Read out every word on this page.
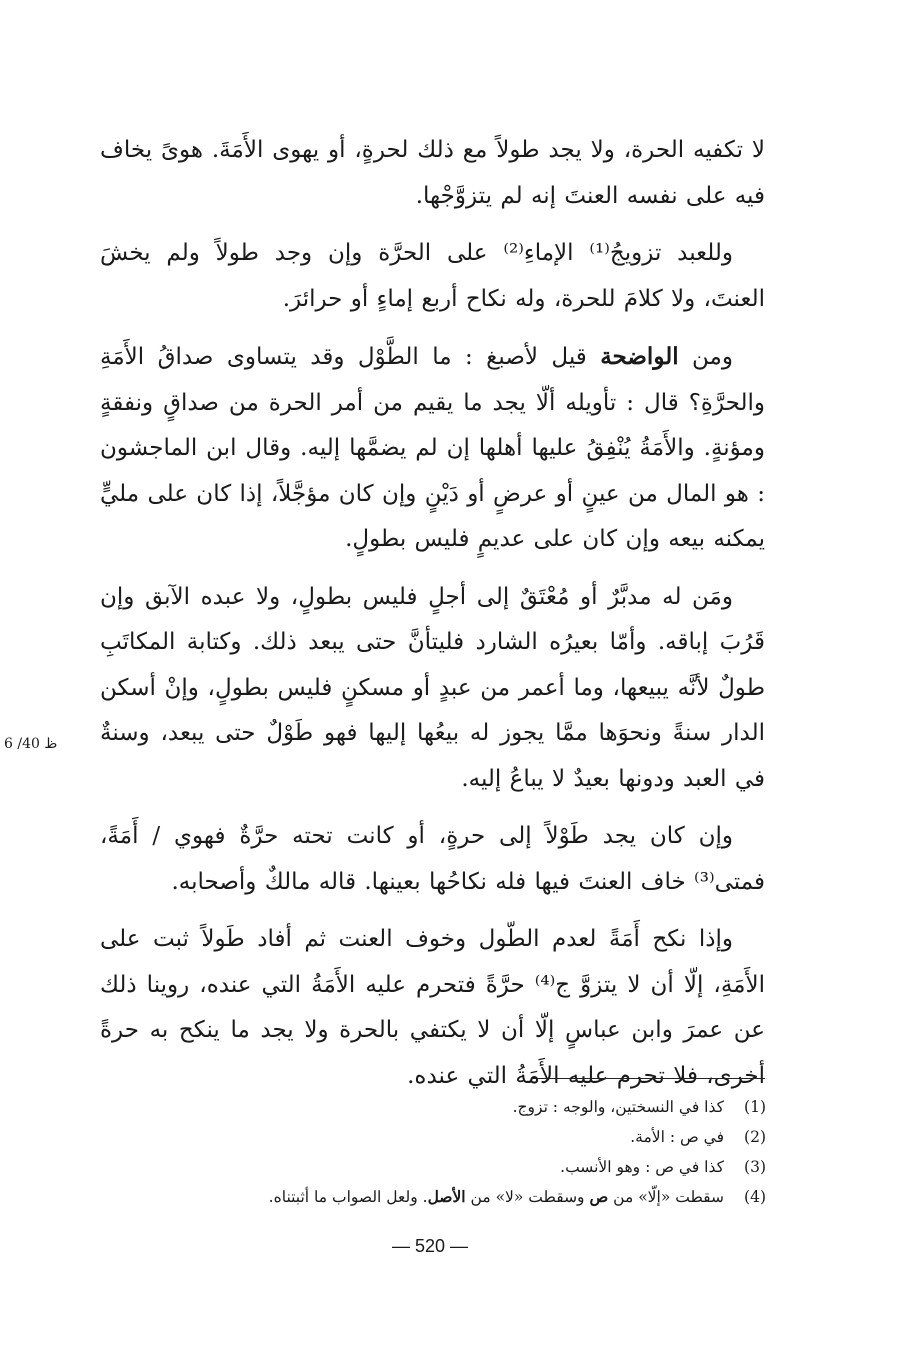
لا تكفيه الحرة، ولا يجد طولاً مع ذلك لحرةٍ، أو يهوى الأَمَةَ. هوىً يخاف فيه على نفسه العنتَ إنه لم يتزوَّجْها.

وللعبد تزويجُ⁽¹⁾ الإماءِ⁽²⁾ على الحرَّة وإن وجد طولاً ولم يخشَ العنتَ، ولا كلامَ للحرة، وله نكاح أربع إماءٍ أو حرائرَ.

ومن الواضحة قيل لأصبغ : ما الطَّوْل وقد يتساوى صداقُ الأَمَةِ والحرَّةِ؟ قال : تأويله ألّا يجد ما يقيم من أمر الحرة من صداقٍ ونفقةٍ ومؤنةٍ. والأَمَةُ يُنْفِقُ عليها أهلها إن لم يضمَّها إليه. وقال ابن الماجشون : هو المال من عينٍ أو عرضٍ أو دَيْنٍ وإن كان مؤجَّلاً، إذا كان على مليٍّ يمكنه بيعه وإن كان على عديمٍ فليس بطولٍ.

ومَن له مدبَّرٌ أو مُعْتَقٌ إلى أجلٍ فليس بطولٍ، ولا عبده الآبق وإن قَرُبَ إباقه. وأمّا بعيرُه الشارد فليتأنَّ حتى يبعد ذلك. وكتابة المكاتَبِ طولٌ لأنَّه يبيعها، وما أعمر من عبدٍ أو مسكنٍ فليس بطولٍ، وإنْ أسكن الدار سنةً ونحوَها ممَّا يجوز له بيعُها إليها فهو طَوْلٌ حتى يبعد، وسنةٌ في العبد ودونها بعيدٌ لا يباعُ إليه.

وإن كان يجد طَوْلاً إلى حرةٍ، أو كانت تحته حرَّةٌ فهوي / أَمَةً، فمتى⁽³⁾ خاف العنتَ فيها فله نكاحُها بعينها. قاله مالكٌ وأصحابه.

وإذا نكح أَمَةً لعدم الطّول وخوف العنت ثم أفاد طَولاً ثبت على الأَمَةِ، إلّا أن لا يتزوَّ ج⁽⁴⁾ حرَّةً فتحرم عليه الأَمَةُ التي عنده، روينا ذلك عن عمرَ وابن عباسٍ إلّا أن لا يكتفي بالحرة ولا يجد ما ينكح به حرةً أخرى، فلا تحرم عليه الأَمَةُ التي عنده.

6 /40 ظ
(1)
كذا في النسختين، والوجه : تزوج.
(2)
في ص : الأمة.
(3)
كذا في ص : وهو الأنسب.
(4)
سقطت «إلّا» من ص وسقطت «لا» من الأصل. ولعل الصواب ما أثبتناه.
— 520 —
